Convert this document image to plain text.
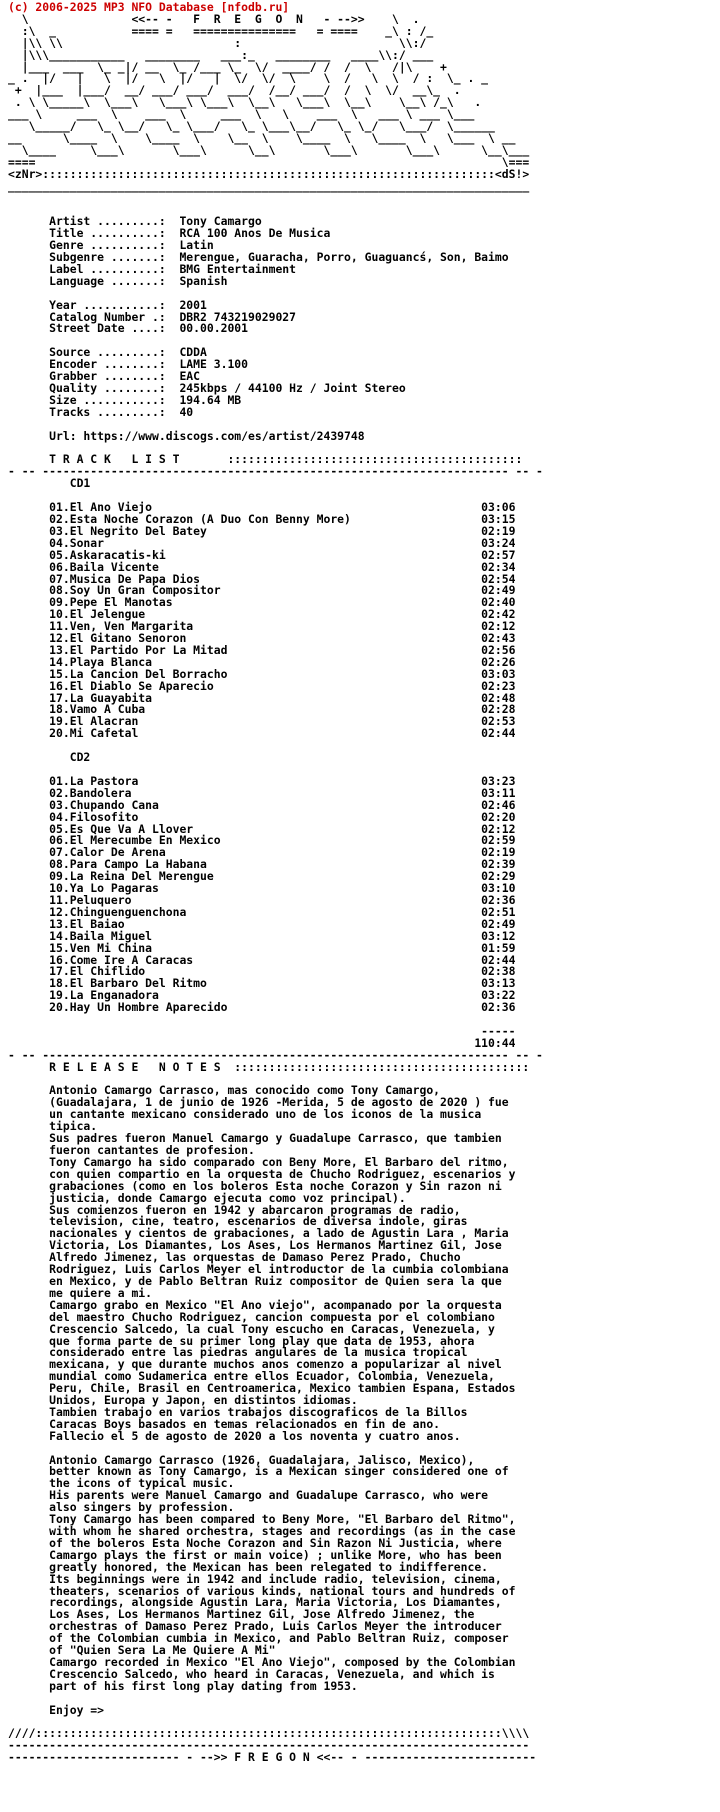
(c) 2006-2025 MP3 NFO Database [nfodb.ru]
\               <<-- -   F  R  E  G  O  N   - -->>    \  .
:\  _           ==== =   ===============   = ====    _\ : /_
|\\ \\                         :                       \\:/
|\\\___________   ________   ___:_   ________   ____\\:/ ___
|___  ___  \_ _|/ __  \_ /___ \_  \/  ____/ /  /  \   /|\    +
_ .  |/   |   \  |/   \  |/   |  \/  \/  \    \  /   \  \  / :  \_ . _
+  |___  |___/  __/ ___/ ___/  ___/  /__/ ___/  /  \  \/  __\_  .
. \ \_____\  \___\   \___\ \___\  \__\   \___\  \__\    \__\ /_\   .
___ \     ___  \    ___  \     ___  \   \    ___  \   ___ \ ___ \___
\_____/   \_ \__/   \_ \___/   \_ \___\__/   \_ \_/   \___/  \______
__      \____  \    \____  \    \__  \    \____  \   \____  \   \___  \ __
\____     \___\       \___\      \__\       \___\       \___\      \__\___
====                                                                    \===
<zNr>::::::::::::::::::::::::::::::::::::::::::::::::::::::::::::::::::<dS!>
____________________________________________________________________________

Artist .........:  Tony Camargo
Title ..........:  RCA 100 Anos De Musica
Genre ..........:  Latin
Subgenre .......:  Merengue, Guaracha, Porro, Guaguancś, Son, Baimo
Label ..........:  BMG Entertainment
Language .......:  Spanish

Year ...........:  2001
Catalog Number .:  DBR2 743219029027
Street Date ....:  00.00.2001

Source .........:  CDDA
Encoder ........:  LAME 3.100
Grabber ........:  EAC
Quality ........:  245kbps / 44100 Hz / Joint Stereo
Size ...........:  194.64 MB
Tracks .........:  40

Url: https://www.discogs.com/es/artist/2439748

T R A C K   L I S T       :::::::::::::::::::::::::::::::::::::::::::
- -- -------------------------------------------------------------------- -- -
CD1

01.El Ano Viejo                                                03:06
02.Esta Noche Corazon (A Duo Con Benny More)                   03:15
03.El Negrito Del Batey                                        02:19
04.Sonar                                                       03:24
05.Askaracatis-ki                                              02:57
06.Baila Vicente                                               02:34
07.Musica De Papa Dios                                         02:54
08.Soy Un Gran Compositor                                      02:49
09.Pepe El Manotas                                             02:40
10.El Jelengue                                                 02:42
11.Ven, Ven Margarita                                          02:12
12.El Gitano Senoron                                           02:43
13.El Partido Por La Mitad                                     02:56
14.Playa Blanca                                                02:26
15.La Cancion Del Borracho                                     03:03
16.El Diablo Se Aparecio                                       02:23
17.La Guayabita                                                02:48
18.Vamo A Cuba                                                 02:28
19.El Alacran                                                  02:53
20.Mi Cafetal                                                  02:44

CD2

01.La Pastora                                                  03:23
02.Bandolera                                                   03:11
03.Chupando Cana                                               02:46
04.Filosofito                                                  02:20
05.Es Que Va A Llover                                          02:12
06.El Merecumbe En Mexico                                      02:59
07.Calor De Arena                                              02:19
08.Para Campo La Habana                                        02:39
09.La Reina Del Merengue                                       02:29
10.Ya Lo Pagaras                                               03:10
11.Peluquero                                                   02:36
12.Chinguenguenchona                                           02:51
13.El Baiao                                                    02:49
14.Baila Miguel                                                03:12
15.Ven Mi China                                                01:59
16.Come Ire A Caracas                                          02:44
17.El Chiflido                                                 02:38
18.El Barbaro Del Ritmo                                        03:13
19.La Enganadora                                               03:22
20.Hay Un Hombre Aparecido                                     02:36

-----
110:44
- -- -------------------------------------------------------------------- -- -
R E L E A S E   N O T E S  :::::::::::::::::::::::::::::::::::::::::::

Antonio Camargo Carrasco, mas conocido como Tony Camargo,
(Guadalajara, 1 de junio de 1926 -Merida, 5 de agosto de 2020 ) fue
un cantante mexicano considerado uno de los iconos de la musica
tipica.
Sus padres fueron Manuel Camargo y Guadalupe Carrasco, que tambien
fueron cantantes de profesion.
Tony Camargo ha sido comparado con Beny More, El Barbaro del ritmo,
con quien compartio en la orquesta de Chucho Rodriguez, escenarios y
grabaciones (como en los boleros Esta noche Corazon y Sin razon ni
justicia, donde Camargo ejecuta como voz principal).
Sus comienzos fueron en 1942 y abarcaron programas de radio,
television, cine, teatro, escenarios de diversa indole, giras
nacionales y cientos de grabaciones, a lado de Agustin Lara , Maria
Victoria, Los Diamantes, Los Ases, Los Hermanos Martinez Gil, Jose
Alfredo Jimenez, las orquestas de Damaso Perez Prado, Chucho
Rodriguez, Luis Carlos Meyer el introductor de la cumbia colombiana
en Mexico, y de Pablo Beltran Ruiz compositor de Quien sera la que
me quiere a mi.
Camargo grabo en Mexico "El Ano viejo", acompanado por la orquesta
del maestro Chucho Rodriguez, cancion compuesta por el colombiano
Crescencio Salcedo, la cual Tony escucho en Caracas, Venezuela, y
que forma parte de su primer long play que data de 1953, ahora
considerado entre las piedras angulares de la musica tropical
mexicana, y que durante muchos anos comenzo a popularizar al nivel
mundial como Sudamerica entre ellos Ecuador, Colombia, Venezuela,
Peru, Chile, Brasil en Centroamerica, Mexico tambien Espana, Estados
Unidos, Europa y Japon, en distintos idiomas.
Tambien trabajo en varios trabajos discograficos de la Billos
Caracas Boys basados en temas relacionados en fin de ano.
Fallecio el 5 de agosto de 2020 a los noventa y cuatro anos.

Antonio Camargo Carrasco (1926, Guadalajara, Jalisco, Mexico),
better known as Tony Camargo, is a Mexican singer considered one of
the icons of typical music.
His parents were Manuel Camargo and Guadalupe Carrasco, who were
also singers by profession.
Tony Camargo has been compared to Beny More, "El Barbaro del Ritmo",
with whom he shared orchestra, stages and recordings (as in the case
of the boleros Esta Noche Corazon and Sin Razon Ni Justicia, where
Camargo plays the first or main voice) ; unlike More, who has been
greatly honored, the Mexican has been relegated to indifference.
Its beginnings were in 1942 and include radio, television, cinema,
theaters, scenarios of various kinds, national tours and hundreds of
recordings, alongside Agustin Lara, Maria Victoria, Los Diamantes,
Los Ases, Los Hermanos Martinez Gil, Jose Alfredo Jimenez, the
orchestras of Damaso Perez Prado, Luis Carlos Meyer the introducer
of the Colombian cumbia in Mexico, and Pablo Beltran Ruiz, composer
of "Quien Sera La Me Quiere A Mi"
Camargo recorded in Mexico "El Ano Viejo", composed by the Colombian
Crescencio Salcedo, who heard in Caracas, Venezuela, and which is
part of his first long play dating from 1953.

Enjoy =>

////::::::::::::::::::::::::::::::::::::::::::::::::::::::::::::::::::::\\\\
----------------------------------------------------------------------------
------------------------- - -->> F R E G O N <<-- - -------------------------
